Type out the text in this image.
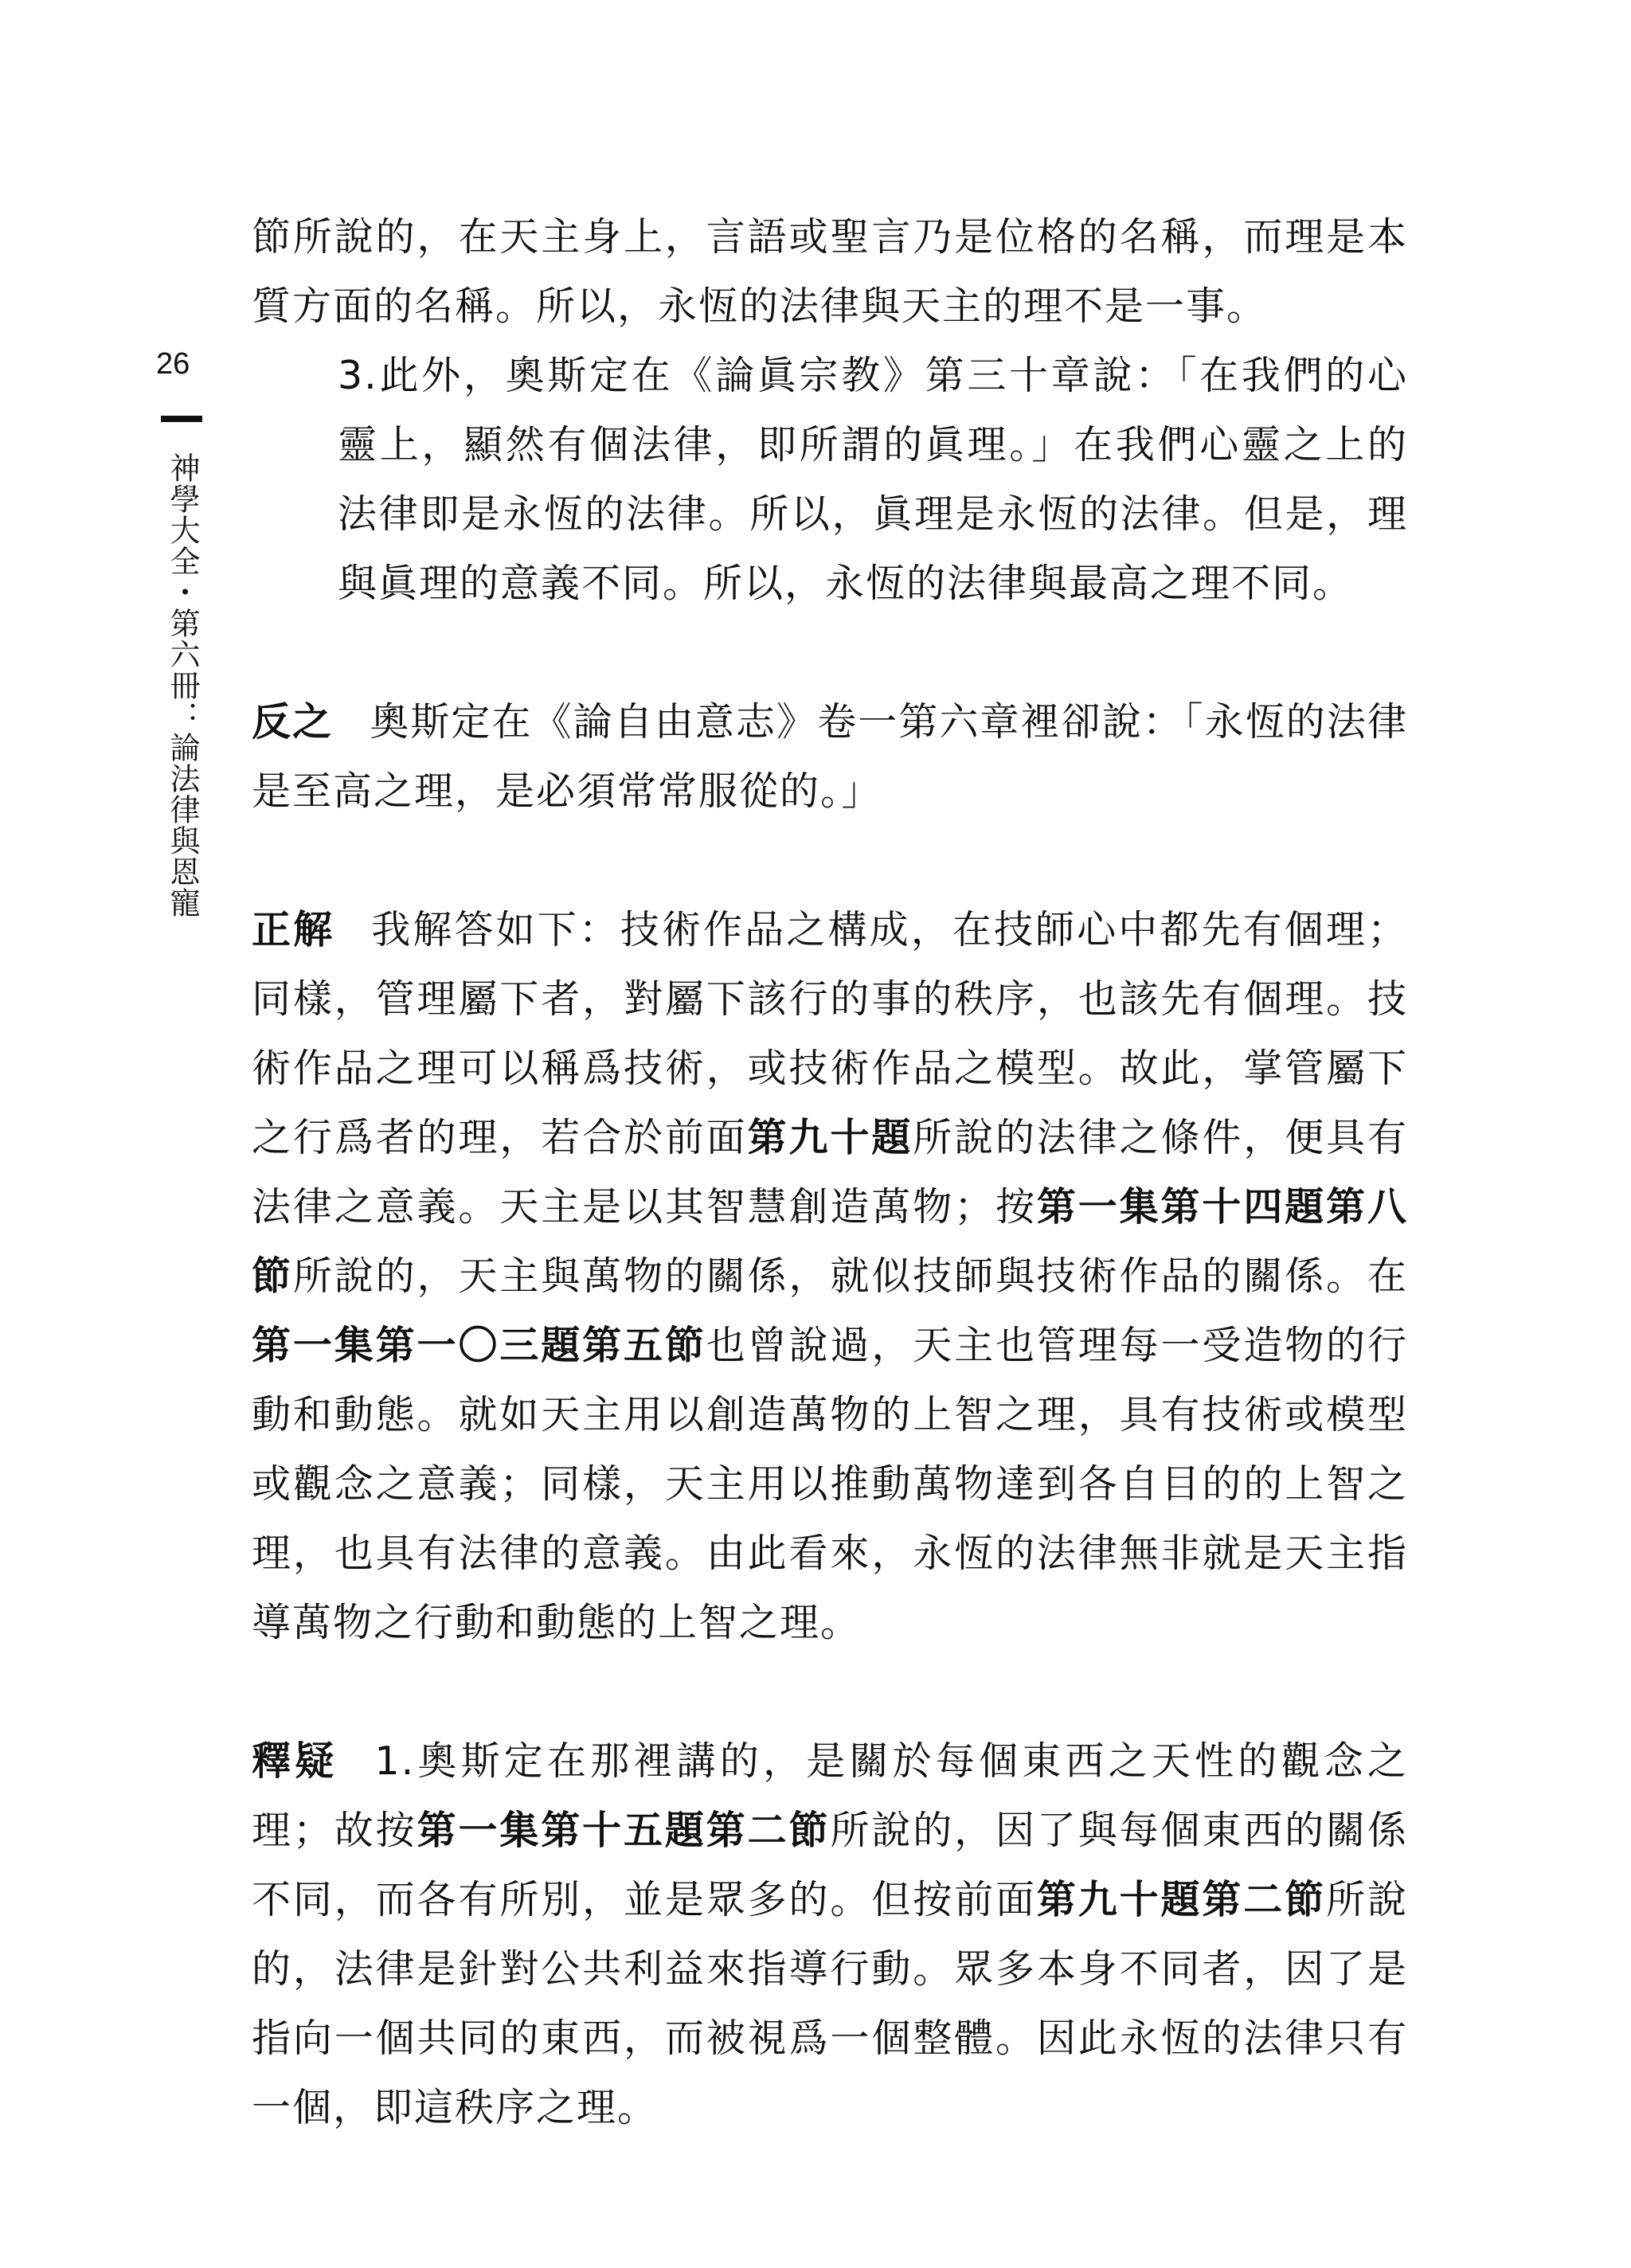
26
神學大全・第六冊：論法律與恩寵

節所說的，在天主身上，言語或聖言乃是位格的名稱，而理是本質方面的名稱。所以，永恆的法律與天主的理不是一事。

3.此外，奧斯定在《論眞宗教》第三十章說：「在我們的心靈上，顯然有個法律，即所謂的眞理。」在我們心靈之上的法律即是永恆的法律。所以，眞理是永恆的法律。但是，理與眞理的意義不同。所以，永恆的法律與最高之理不同。

反之 奧斯定在《論自由意志》卷一第六章裡卻說：「永恆的法律是至高之理，是必須常常服從的。」

正解 我解答如下：技術作品之構成，在技師心中都先有個理；同樣，管理屬下者，對屬下該行的事的秩序，也該先有個理。技術作品之理可以稱爲技術，或技術作品之模型。故此，掌管屬下之行爲者的理，若合於前面第九十題所說的法律之條件，便具有法律之意義。天主是以其智慧創造萬物；按第一集第十四題第八節所說的，天主與萬物的關係，就似技師與技術作品的關係。在第一集第一〇三題第五節也曾說過，天主也管理每一受造物的行動和動態。就如天主用以創造萬物的上智之理，具有技術或模型或觀念之意義；同樣，天主用以推動萬物達到各自目的的上智之理，也具有法律的意義。由此看來，永恆的法律無非就是天主指導萬物之行動和動態的上智之理。

釋疑 1.奧斯定在那裡講的，是關於每個東西之天性的觀念之理；故按第一集第十五題第二節所說的，因了與每個東西的關係不同，而各有所別，並是眾多的。但按前面第九十題第二節所說的，法律是針對公共利益來指導行動。眾多本身不同者，因了是指向一個共同的東西，而被視爲一個整體。因此永恆的法律只有一個，即這秩序之理。
